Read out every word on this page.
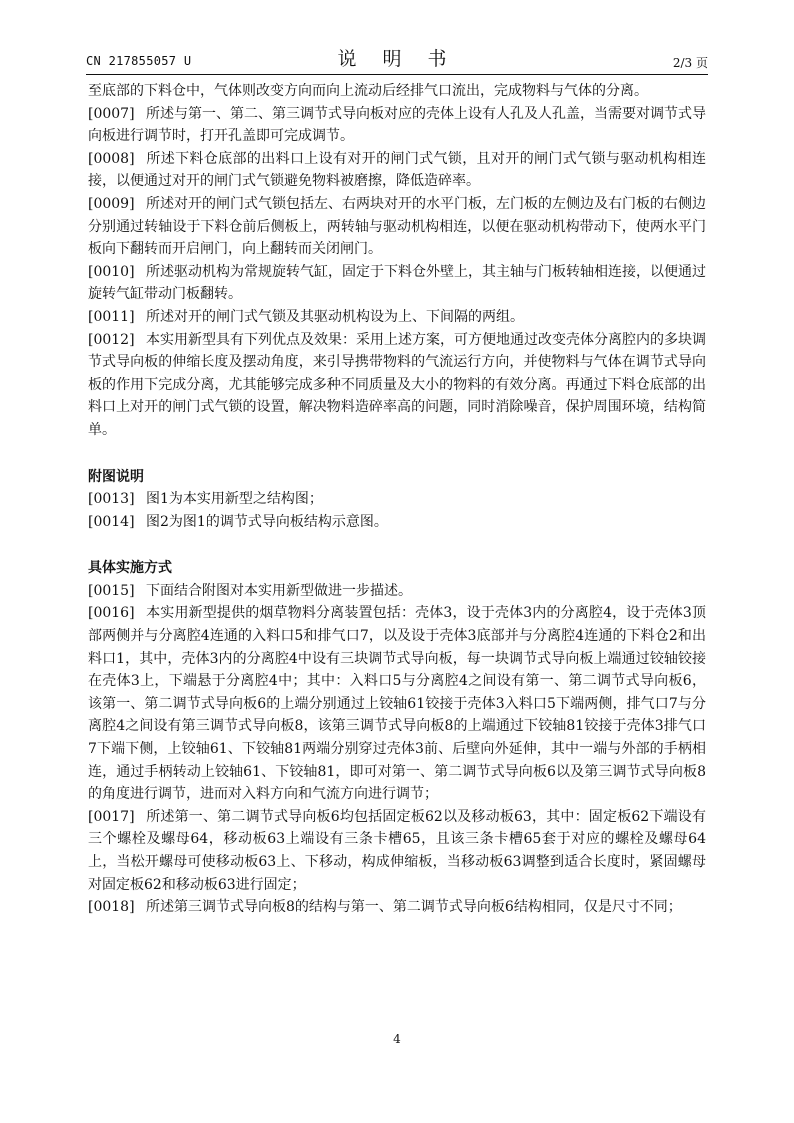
CN 217855057 U	说 明 书	2/3 页

至底部的下料仓中，气体则改变方向而向上流动后经排气口流出，完成物料与气体的分离。

[0007] 所述与第一、第二、第三调节式导向板对应的壳体上设有人孔及人孔盖，当需要对调节式导向板进行调节时，打开孔盖即可完成调节。

[0008] 所述下料仓底部的出料口上设有对开的闸门式气锁，且对开的闸门式气锁与驱动机构相连接，以便通过对开的闸门式气锁避免物料被磨擦，降低造碎率。

[0009] 所述对开的闸门式气锁包括左、右两块对开的水平门板，左门板的左侧边及右门板的右侧边分别通过转轴设于下料仓前后侧板上，两转轴与驱动机构相连，以便在驱动机构带动下，使两水平门板向下翻转而开启闸门，向上翻转而关闭闸门。

[0010] 所述驱动机构为常规旋转气缸，固定于下料仓外壁上，其主轴与门板转轴相连接，以便通过旋转气缸带动门板翻转。

[0011] 所述对开的闸门式气锁及其驱动机构设为上、下间隔的两组。

[0012] 本实用新型具有下列优点及效果：采用上述方案，可方便地通过改变壳体分离腔内的多块调节式导向板的伸缩长度及摆动角度，来引导携带物料的气流运行方向，并使物料与气体在调节式导向板的作用下完成分离，尤其能够完成多种不同质量及大小的物料的有效分离。再通过下料仓底部的出料口上对开的闸门式气锁的设置，解决物料造碎率高的问题，同时消除噪音，保护周围环境，结构简单。

附图说明

[0013] 图1为本实用新型之结构图；

[0014] 图2为图1的调节式导向板结构示意图。

具体实施方式

[0015] 下面结合附图对本实用新型做进一步描述。

[0016] 本实用新型提供的烟草物料分离装置包括：壳体3，设于壳体3内的分离腔4，设于壳体3顶部两侧并与分离腔4连通的入料口5和排气口7，以及设于壳体3底部并与分离腔4连通的下料仓2和出料口1，其中，壳体3内的分离腔4中设有三块调节式导向板，每一块调节式导向板上端通过铰轴铰接在壳体3上，下端悬于分离腔4中；其中：入料口5与分离腔4之间设有第一、第二调节式导向板6，该第一、第二调节式导向板6的上端分别通过上铰轴61铰接于壳体3入料口5下端两侧，排气口7与分离腔4之间设有第三调节式导向板8，该第三调节式导向板8的上端通过下铰轴81铰接于壳体3排气口7下端下侧，上铰轴61、下铰轴81两端分别穿过壳体3前、后壁向外延伸，其中一端与外部的手柄相连，通过手柄转动上铰轴61、下铰轴81，即可对第一、第二调节式导向板6以及第三调节式导向板8的角度进行调节，进而对入料方向和气流方向进行调节；

[0017] 所述第一、第二调节式导向板6均包括固定板62以及移动板63，其中：固定板62下端设有三个螺栓及螺母64，移动板63上端设有三条卡槽65，且该三条卡槽65套于对应的螺栓及螺母64上，当松开螺母可使移动板63上、下移动，构成伸缩板，当移动板63调整到适合长度时，紧固螺母对固定板62和移动板63进行固定；

[0018] 所述第三调节式导向板8的结构与第一、第二调节式导向板6结构相同，仅是尺寸不同；

4
